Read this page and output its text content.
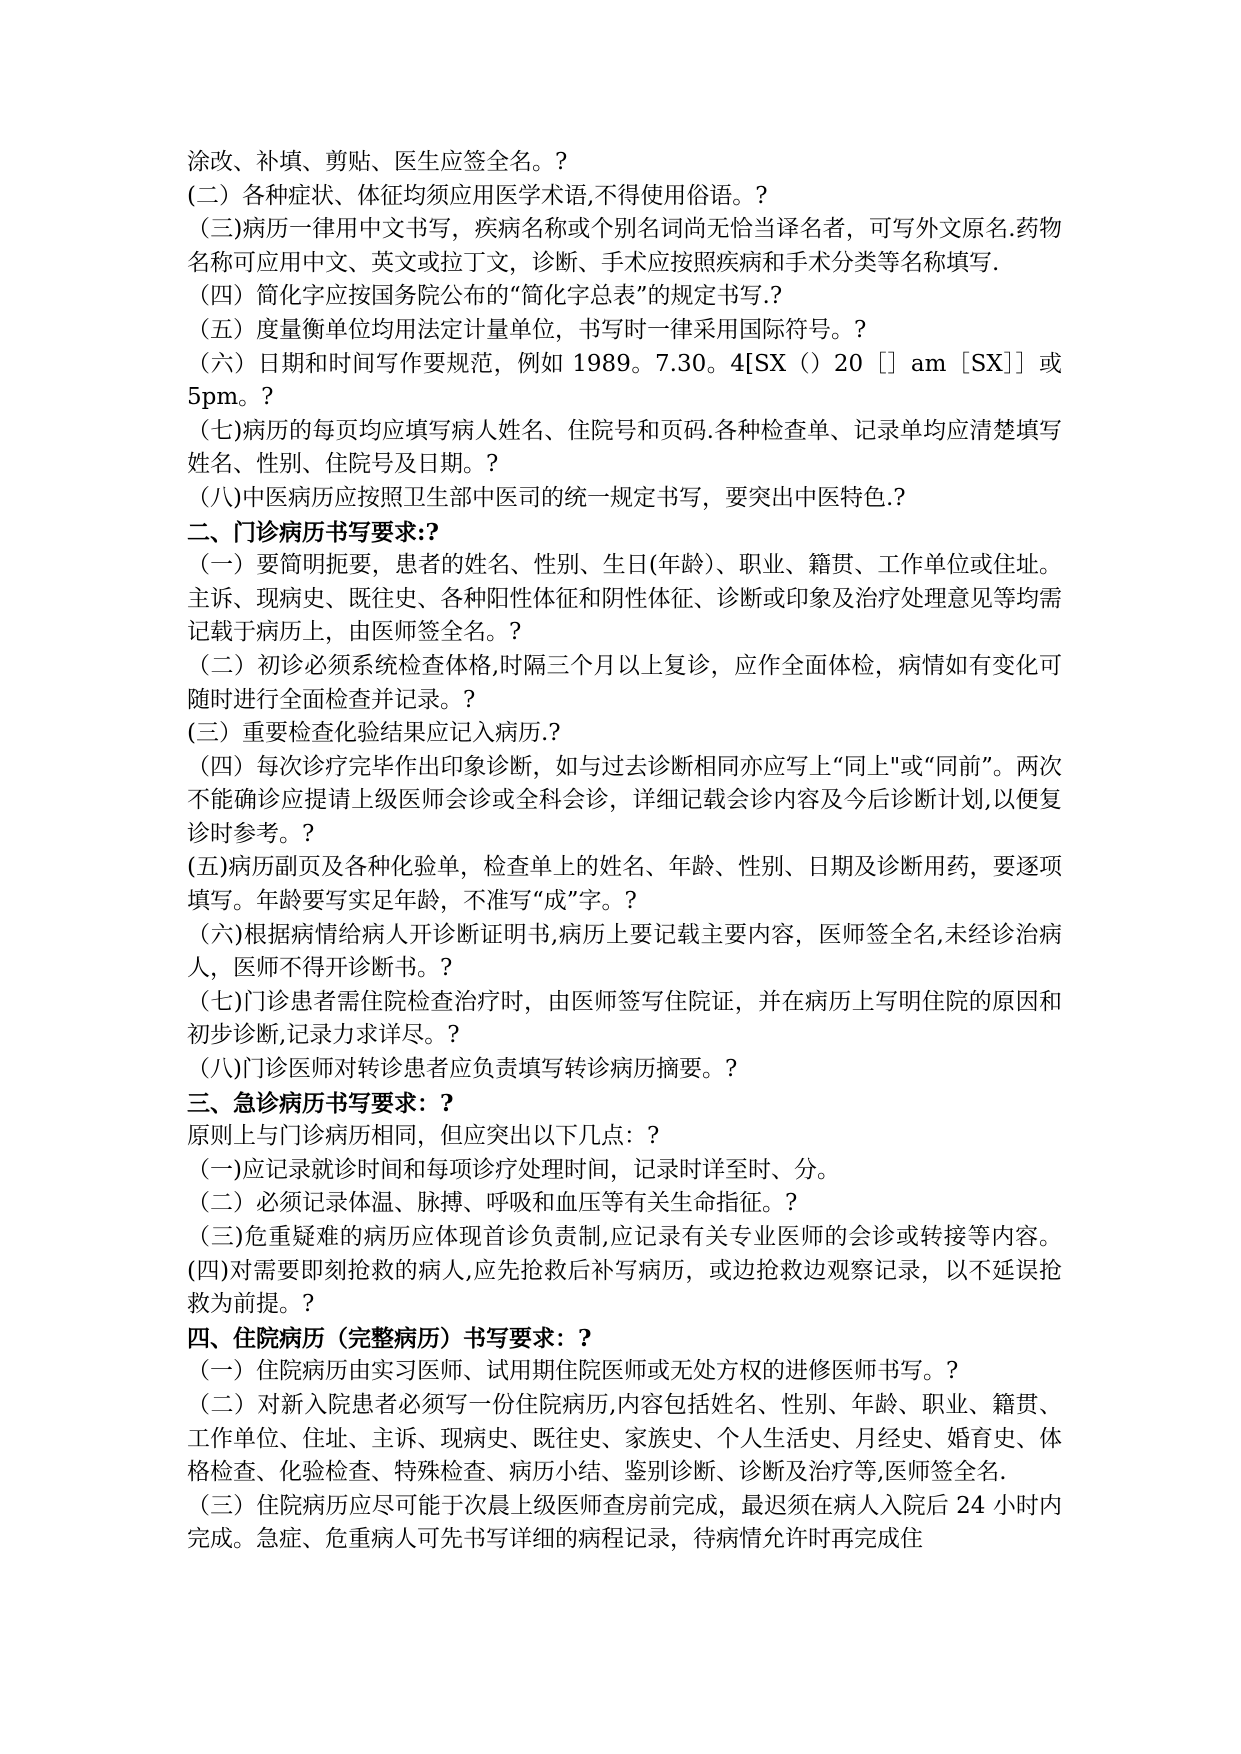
涂改、补填、剪贴、医生应签全名。?

(二）各种症状、体征均须应用医学术语,不得使用俗语。?

（三)病历一律用中文书写，疾病名称或个别名词尚无恰当译名者，可写外文原名.药物名称可应用中文、英文或拉丁文，诊断、手术应按照疾病和手术分类等名称填写.

（四）简化字应按国务院公布的“简化字总表”的规定书写.?

（五）度量衡单位均用法定计量单位，书写时一律采用国际符号。?

（六）日期和时间写作要规范，例如 1989。7.30。4[SX（）20［］am［SX］］或 5pm。?

（七)病历的每页均应填写病人姓名、住院号和页码.各种检查单、记录单均应清楚填写姓名、性别、住院号及日期。?

（八)中医病历应按照卫生部中医司的统一规定书写，要突出中医特色.?

二、门诊病历书写要求:?

（一）要简明扼要，患者的姓名、性别、生日(年龄）、职业、籍贯、工作单位或住址。主诉、现病史、既往史、各种阳性体征和阴性体征、诊断或印象及治疗处理意见等均需记载于病历上，由医师签全名。?

（二）初诊必须系统检查体格,时隔三个月以上复诊，应作全面体检，病情如有变化可随时进行全面检查并记录。?

(三）重要检查化验结果应记入病历.?

（四）每次诊疗完毕作出印象诊断，如与过去诊断相同亦应写上“同上"或“同前”。两次不能确诊应提请上级医师会诊或全科会诊，详细记载会诊内容及今后诊断计划,以便复诊时参考。?

(五)病历副页及各种化验单，检查单上的姓名、年龄、性别、日期及诊断用药，要逐项填写。年龄要写实足年龄，不准写“成”字。?

（六)根据病情给病人开诊断证明书,病历上要记载主要内容，医师签全名,未经诊治病人，医师不得开诊断书。?

（七)门诊患者需住院检查治疗时，由医师签写住院证，并在病历上写明住院的原因和初步诊断,记录力求详尽。?

（八)门诊医师对转诊患者应负责填写转诊病历摘要。?

三、急诊病历书写要求：?

原则上与门诊病历相同，但应突出以下几点：?

（一)应记录就诊时间和每项诊疗处理时间，记录时详至时、分。

（二）必须记录体温、脉搏、呼吸和血压等有关生命指征。?

（三)危重疑难的病历应体现首诊负责制,应记录有关专业医师的会诊或转接等内容。(四)对需要即刻抢救的病人,应先抢救后补写病历，或边抢救边观察记录，以不延误抢救为前提。?

四、住院病历（完整病历）书写要求：?

（一）住院病历由实习医师、试用期住院医师或无处方权的进修医师书写。?

（二）对新入院患者必须写一份住院病历,内容包括姓名、性别、年龄、职业、籍贯、工作单位、住址、主诉、现病史、既往史、家族史、个人生活史、月经史、婚育史、体格检查、化验检查、特殊检查、病历小结、鉴别诊断、诊断及治疗等,医师签全名.

（三）住院病历应尽可能于次晨上级医师查房前完成，最迟须在病人入院后 24 小时内完成。急症、危重病人可先书写详细的病程记录，待病情允许时再完成住
